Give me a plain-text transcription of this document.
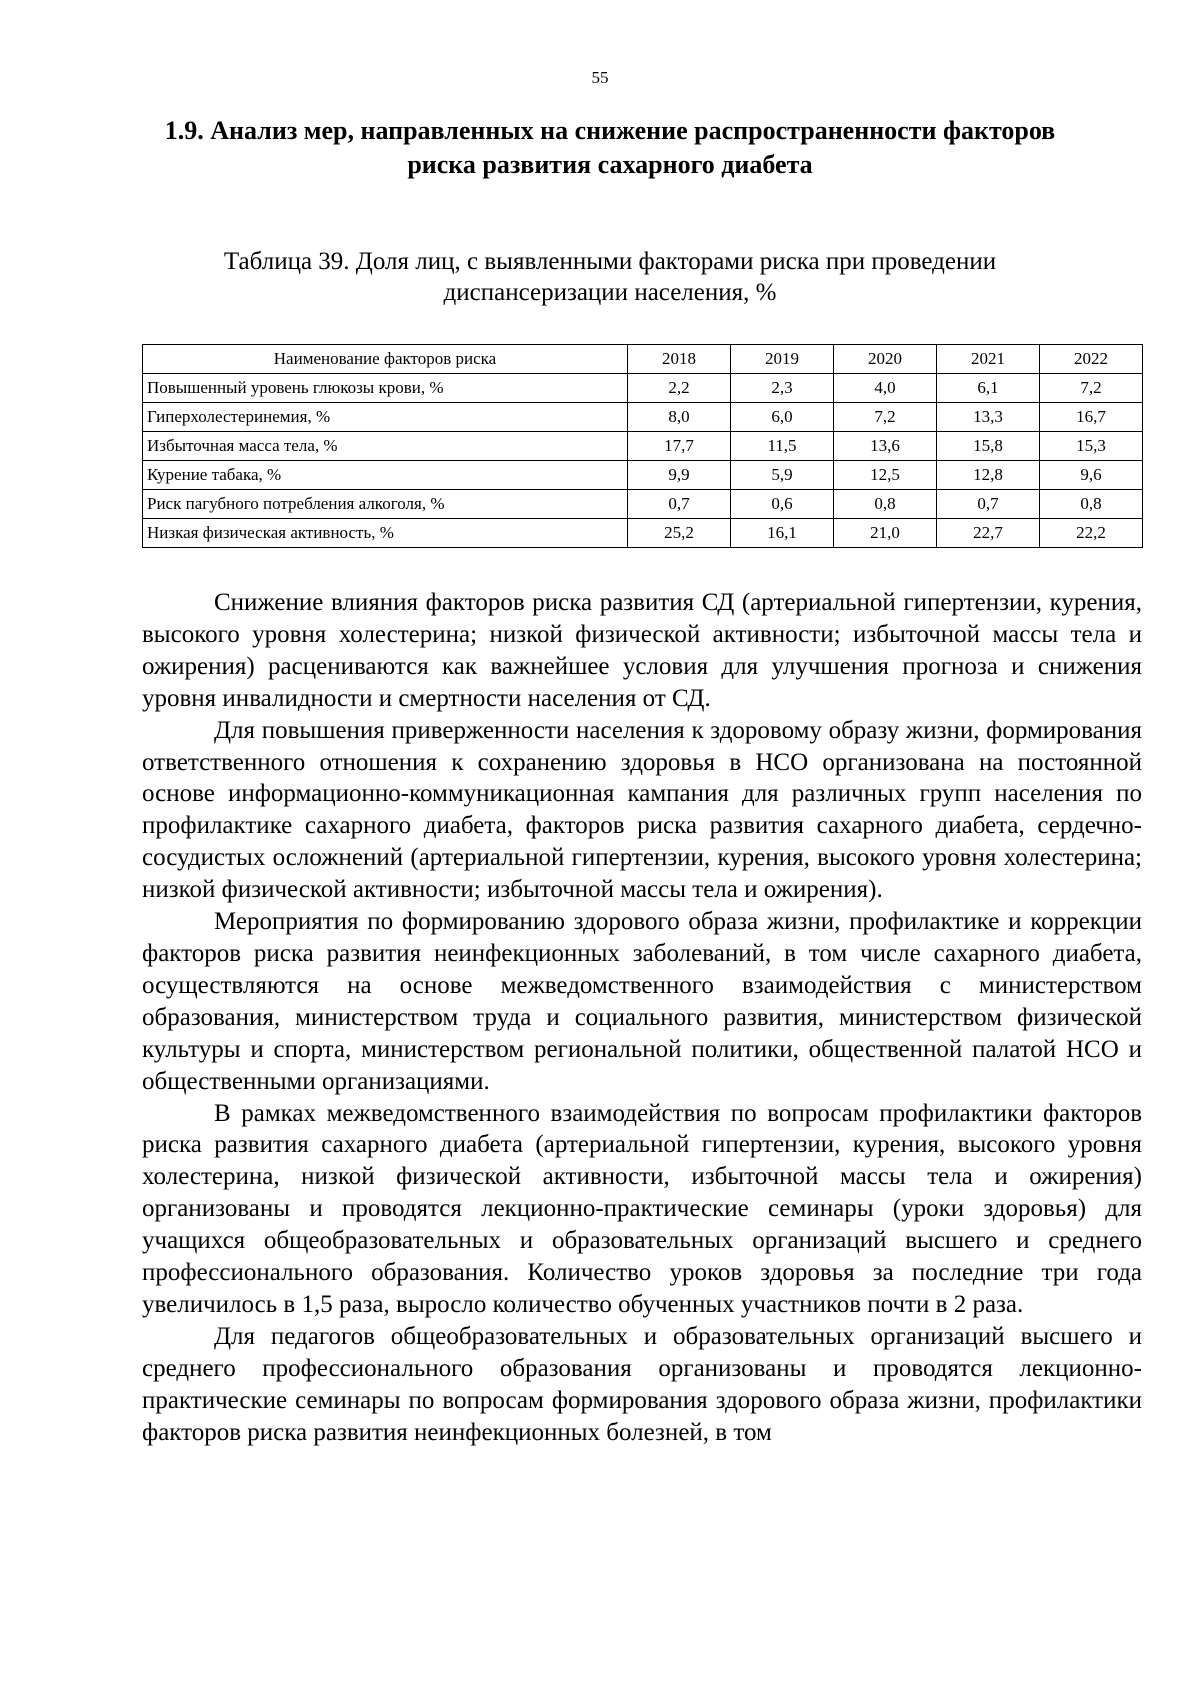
55
1.9. Анализ мер, направленных на снижение распространенности факторов
риска развития сахарного диабета
Таблица 39. Доля лиц, с выявленными факторами риска при проведении
диспансеризации населения, %
Наименование факторов риска	2018	2019	2020	2021	2022
Повышенный уровень глюкозы крови, %	2,2	2,3	4,0	6,1	7,2
Гиперхолестеринемия, %	8,0	6,0	7,2	13,3	16,7
Избыточная масса тела, %	17,7	11,5	13,6	15,8	15,3
Курение табака, %	9,9	5,9	12,5	12,8	9,6
Риск пагубного потребления алкоголя, %	0,7	0,6	0,8	0,7	0,8
Низкая физическая активность, %	25,2	16,1	21,0	22,7	22,2

Снижение влияния факторов риска развития СД (артериальной гипертензии, курения, высокого уровня холестерина; низкой физической активности; избыточной массы тела и ожирения) расцениваются как важнейшее условия для улучшения прогноза и снижения уровня инвалидности и смертности населения от СД.

Для повышения приверженности населения к здоровому образу жизни, формирования ответственного отношения к сохранению здоровья в НСО организована на постоянной основе информационно-коммуникационная кампания для различных групп населения по профилактике сахарного диабета, факторов риска развития сахарного диабета, сердечно-сосудистых осложнений (артериальной гипертензии, курения, высокого уровня холестерина; низкой физической активности; избыточной массы тела и ожирения).

Мероприятия по формированию здорового образа жизни, профилактике и коррекции факторов риска развития неинфекционных заболеваний, в том числе сахарного диабета, осуществляются на основе межведомственного взаимодействия с министерством образования, министерством труда и социального развития, министерством физической культуры и спорта, министерством региональной политики, общественной палатой НСО и общественными организациями.

В рамках межведомственного взаимодействия по вопросам профилактики факторов риска развития сахарного диабета (артериальной гипертензии, курения, высокого уровня холестерина, низкой физической активности, избыточной массы тела и ожирения) организованы и проводятся лекционно-практические семинары (уроки здоровья) для учащихся общеобразовательных и образовательных организаций высшего и среднего профессионального образования. Количество уроков здоровья за последние три года увеличилось в 1,5 раза, выросло количество обученных участников почти в 2 раза.

Для педагогов общеобразовательных и образовательных организаций высшего и среднего профессионального образования организованы и проводятся лекционно-практические семинары по вопросам формирования здорового образа жизни, профилактики факторов риска развития неинфекционных болезней, в том
